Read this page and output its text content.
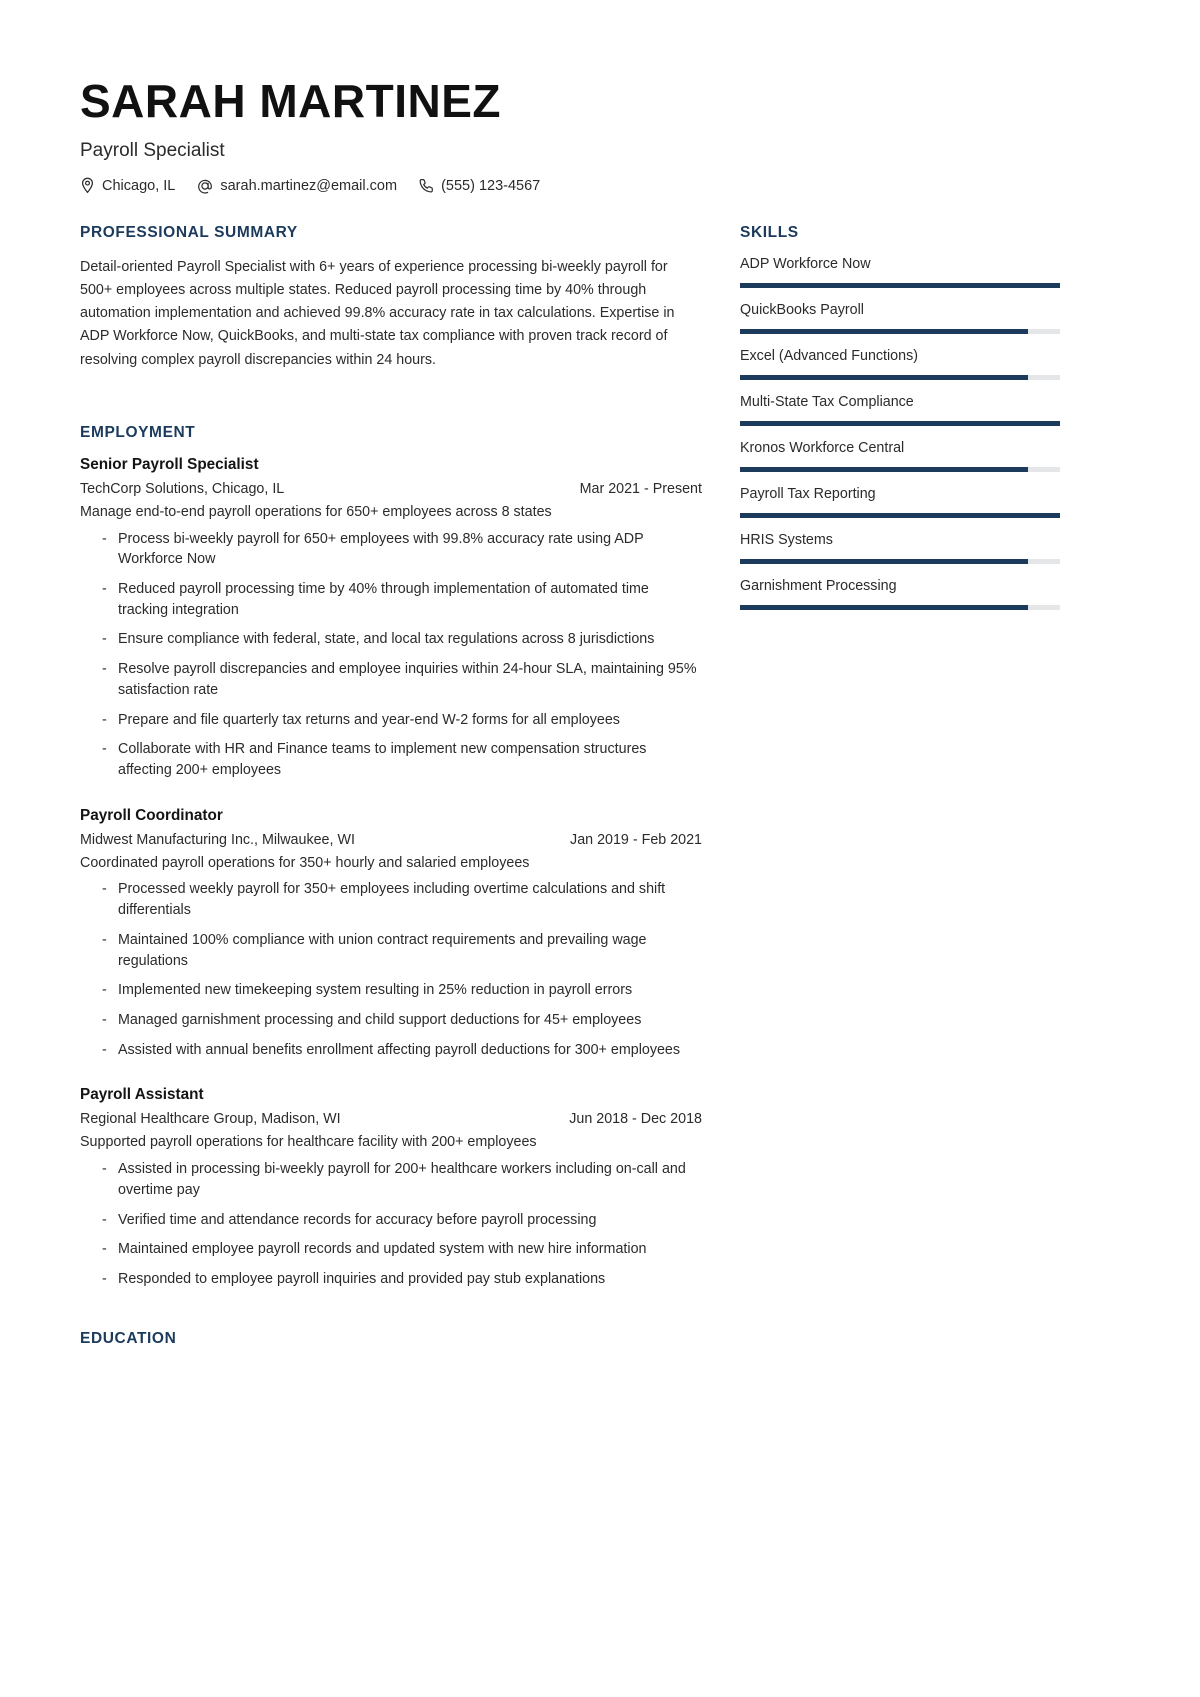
SARAH MARTINEZ
Payroll Specialist
Chicago, IL	sarah.martinez@email.com	(555) 123-4567
PROFESSIONAL SUMMARY
Detail-oriented Payroll Specialist with 6+ years of experience processing bi-weekly payroll for 500+ employees across multiple states. Reduced payroll processing time by 40% through automation implementation and achieved 99.8% accuracy rate in tax calculations. Expertise in ADP Workforce Now, QuickBooks, and multi-state tax compliance with proven track record of resolving complex payroll discrepancies within 24 hours.
EMPLOYMENT
Senior Payroll Specialist
TechCorp Solutions, Chicago, IL	Mar 2021 - Present
Manage end-to-end payroll operations for 650+ employees across 8 states
- Process bi-weekly payroll for 650+ employees with 99.8% accuracy rate using ADP Workforce Now
- Reduced payroll processing time by 40% through implementation of automated time tracking integration
- Ensure compliance with federal, state, and local tax regulations across 8 jurisdictions
- Resolve payroll discrepancies and employee inquiries within 24-hour SLA, maintaining 95% satisfaction rate
- Prepare and file quarterly tax returns and year-end W-2 forms for all employees
- Collaborate with HR and Finance teams to implement new compensation structures affecting 200+ employees
Payroll Coordinator
Midwest Manufacturing Inc., Milwaukee, WI	Jan 2019 - Feb 2021
Coordinated payroll operations for 350+ hourly and salaried employees
- Processed weekly payroll for 350+ employees including overtime calculations and shift differentials
- Maintained 100% compliance with union contract requirements and prevailing wage regulations
- Implemented new timekeeping system resulting in 25% reduction in payroll errors
- Managed garnishment processing and child support deductions for 45+ employees
- Assisted with annual benefits enrollment affecting payroll deductions for 300+ employees
Payroll Assistant
Regional Healthcare Group, Madison, WI	Jun 2018 - Dec 2018
Supported payroll operations for healthcare facility with 200+ employees
- Assisted in processing bi-weekly payroll for 200+ healthcare workers including on-call and overtime pay
- Verified time and attendance records for accuracy before payroll processing
- Maintained employee payroll records and updated system with new hire information
- Responded to employee payroll inquiries and provided pay stub explanations
EDUCATION
SKILLS
ADP Workforce Now
QuickBooks Payroll
Excel (Advanced Functions)
Multi-State Tax Compliance
Kronos Workforce Central
Payroll Tax Reporting
HRIS Systems
Garnishment Processing
